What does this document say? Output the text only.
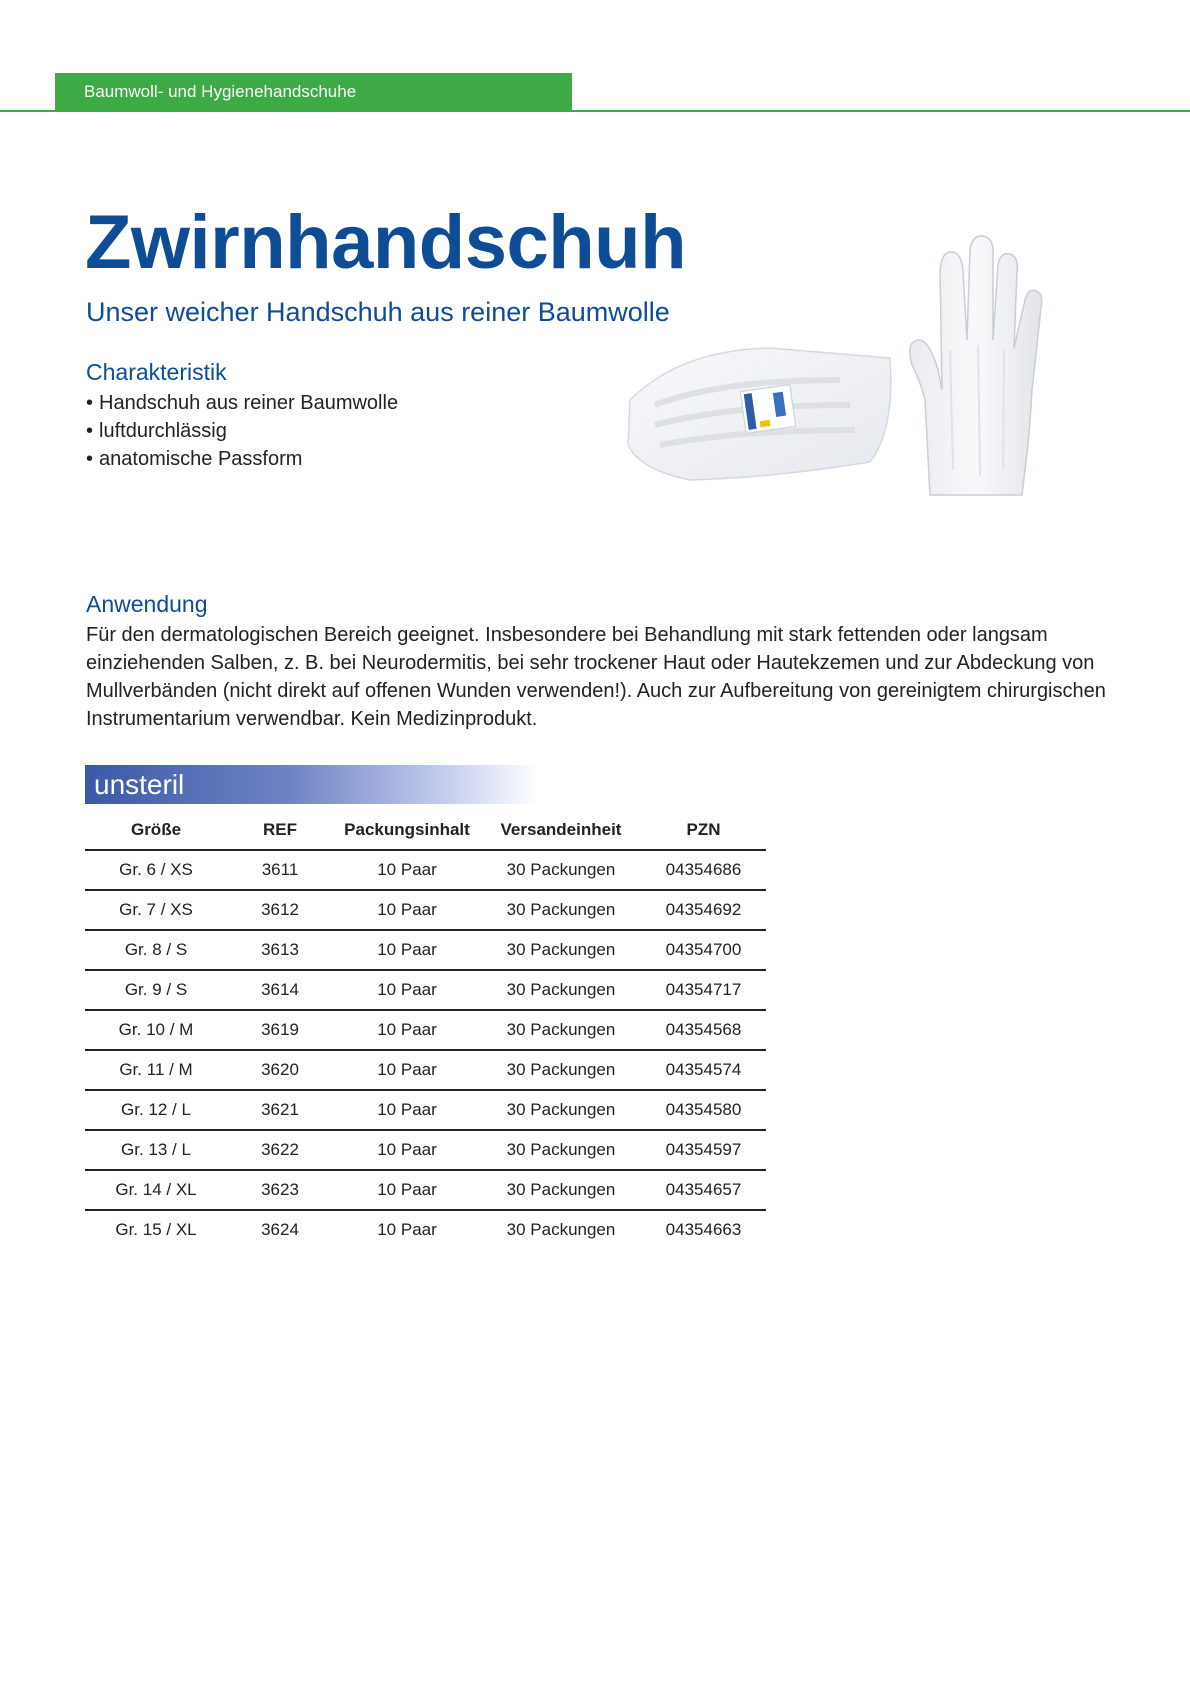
Baumwoll- und Hygienehandschuhe
Zwirnhandschuh

Unser weicher Handschuh aus reiner Baumwolle

Charakteristik
• Handschuh aus reiner Baumwolle
• luftdurchlässig
• anatomische Passform
Anwendung

Für den dermatologischen Bereich geeignet. Insbesondere bei Behandlung mit stark fettenden oder langsam einziehenden Salben, z. B. bei Neurodermitis, bei sehr trockener Haut oder Hautekzemen und zur Abdeckung von Mullverbänden (nicht direkt auf offenen Wunden verwenden!). Auch zur Aufbereitung von gereinigtem chirurgischen Instrumentarium verwendbar. Kein Medizinprodukt.

unsteril
Größe	REF	Packungsinhalt	Versandeinheit	PZN
Gr. 6 / XS	3611	10 Paar	30 Packungen	04354686
Gr. 7 / XS	3612	10 Paar	30 Packungen	04354692
Gr. 8 / S	3613	10 Paar	30 Packungen	04354700
Gr. 9 / S	3614	10 Paar	30 Packungen	04354717
Gr. 10 / M	3619	10 Paar	30 Packungen	04354568
Gr. 11 / M	3620	10 Paar	30 Packungen	04354574
Gr. 12 / L	3621	10 Paar	30 Packungen	04354580
Gr. 13 / L	3622	10 Paar	30 Packungen	04354597
Gr. 14 / XL	3623	10 Paar	30 Packungen	04354657
Gr. 15 / XL	3624	10 Paar	30 Packungen	04354663
